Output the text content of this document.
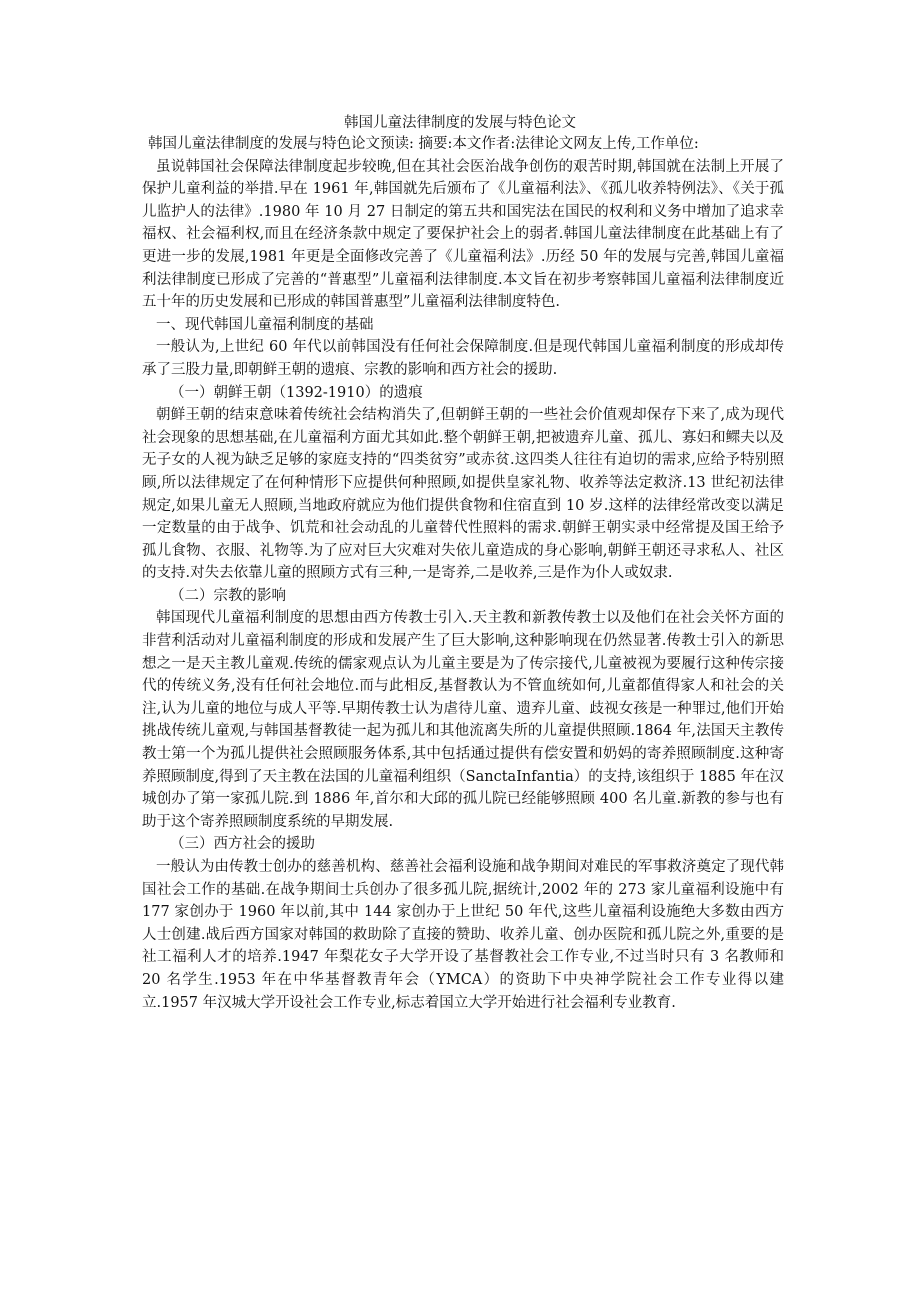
韩国儿童法律制度的发展与特色论文

韩国儿童法律制度的发展与特色论文预读: 摘要:本文作者:法律论文网友上传,工作单位:

虽说韩国社会保障法律制度起步较晚,但在其社会医治战争创伤的艰苦时期,韩国就在法制上开展了保护儿童利益的举措.早在 1961 年,韩国就先后颁布了《儿童福利法》、《孤儿收养特例法》、《关于孤儿监护人的法律》.1980 年 10 月 27 日制定的第五共和国宪法在国民的权利和义务中增加了追求幸福权、社会福利权,而且在经济条款中规定了要保护社会上的弱者.韩国儿童法律制度在此基础上有了更进一步的发展,1981 年更是全面修改完善了《儿童福利法》.历经 50 年的发展与完善,韩国儿童福利法律制度已形成了完善的“普惠型”儿童福利法律制度.本文旨在初步考察韩国儿童福利法律制度近五十年的历史发展和已形成的韩国普惠型”儿童福利法律制度特色.

一、现代韩国儿童福利制度的基础

一般认为,上世纪 60 年代以前韩国没有任何社会保障制度.但是现代韩国儿童福利制度的形成却传承了三股力量,即朝鲜王朝的遗痕、宗教的影响和西方社会的援助.

（一）朝鲜王朝（1392-1910）的遗痕

朝鲜王朝的结束意味着传统社会结构消失了,但朝鲜王朝的一些社会价值观却保存下来了,成为现代社会现象的思想基础,在儿童福利方面尤其如此.整个朝鲜王朝,把被遗弃儿童、孤儿、寡妇和鳏夫以及无子女的人视为缺乏足够的家庭支持的“四类贫穷”或赤贫.这四类人往往有迫切的需求,应给予特别照顾,所以法律规定了在何种情形下应提供何种照顾,如提供皇家礼物、收养等法定救济.13 世纪初法律规定,如果儿童无人照顾,当地政府就应为他们提供食物和住宿直到 10 岁.这样的法律经常改变以满足一定数量的由于战争、饥荒和社会动乱的儿童替代性照料的需求.朝鲜王朝实录中经常提及国王给予孤儿食物、衣服、礼物等.为了应对巨大灾难对失依儿童造成的身心影响,朝鲜王朝还寻求私人、社区的支持.对失去依靠儿童的照顾方式有三种,一是寄养,二是收养,三是作为仆人或奴隶.

（二）宗教的影响

韩国现代儿童福利制度的思想由西方传教士引入.天主教和新教传教士以及他们在社会关怀方面的非营利活动对儿童福利制度的形成和发展产生了巨大影响,这种影响现在仍然显著.传教士引入的新思想之一是天主教儿童观.传统的儒家观点认为儿童主要是为了传宗接代,儿童被视为要履行这种传宗接代的传统义务,没有任何社会地位.而与此相反,基督教认为不管血统如何,儿童都值得家人和社会的关注,认为儿童的地位与成人平等.早期传教士认为虐待儿童、遗弃儿童、歧视女孩是一种罪过,他们开始挑战传统儿童观,与韩国基督教徒一起为孤儿和其他流离失所的儿童提供照顾.1864 年,法国天主教传教士第一个为孤儿提供社会照顾服务体系,其中包括通过提供有偿安置和奶妈的寄养照顾制度.这种寄养照顾制度,得到了天主教在法国的儿童福利组织（SanctaInfantia）的支持,该组织于 1885 年在汉城创办了第一家孤儿院.到 1886 年,首尔和大邱的孤儿院已经能够照顾 400 名儿童.新教的参与也有助于这个寄养照顾制度系统的早期发展.

（三）西方社会的援助

一般认为由传教士创办的慈善机构、慈善社会福利设施和战争期间对难民的军事救济奠定了现代韩国社会工作的基础.在战争期间士兵创办了很多孤儿院,据统计,2002 年的 273 家儿童福利设施中有 177 家创办于 1960 年以前,其中 144 家创办于上世纪 50 年代,这些儿童福利设施绝大多数由西方人士创建.战后西方国家对韩国的救助除了直接的赞助、收养儿童、创办医院和孤儿院之外,重要的是社工福利人才的培养.1947 年梨花女子大学开设了基督教社会工作专业,不过当时只有 3 名教师和 20 名学生.1953 年在中华基督教青年会（YMCA）的资助下中央神学院社会工作专业得以建立.1957 年汉城大学开设社会工作专业,标志着国立大学开始进行社会福利专业教育.
